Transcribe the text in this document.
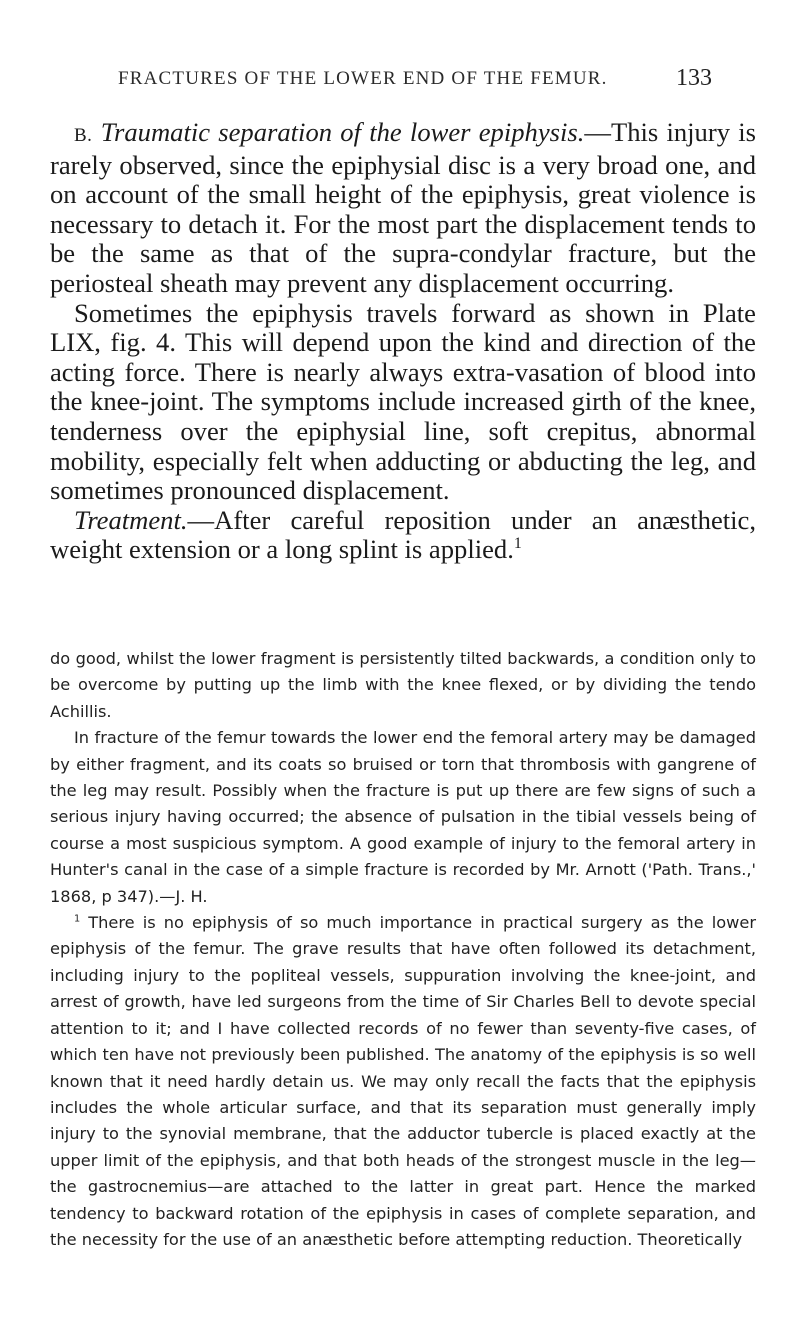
FRACTURES OF THE LOWER END OF THE FEMUR.	133

B. Traumatic separation of the lower epiphysis.—This injury is rarely observed, since the epiphysial disc is a very broad one, and on account of the small height of the epiphysis, great violence is necessary to detach it. For the most part the displacement tends to be the same as that of the supra-condylar fracture, but the periosteal sheath may prevent any displacement occurring.

Sometimes the epiphysis travels forward as shown in Plate LIX, fig. 4. This will depend upon the kind and direction of the acting force. There is nearly always extra-vasation of blood into the knee-joint. The symptoms include increased girth of the knee, tenderness over the epiphysial line, soft crepitus, abnormal mobility, especially felt when adducting or abducting the leg, and sometimes pronounced displacement.

Treatment.—After careful reposition under an anæsthetic, weight extension or a long splint is applied.$^1$

do good, whilst the lower fragment is persistently tilted backwards, a condition only to be overcome by putting up the limb with the knee flexed, or by dividing the tendo Achillis.

In fracture of the femur towards the lower end the femoral artery may be damaged by either fragment, and its coats so bruised or torn that thrombosis with gangrene of the leg may result. Possibly when the fracture is put up there are few signs of such a serious injury having occurred; the absence of pulsation in the tibial vessels being of course a most suspicious symptom. A good example of injury to the femoral artery in Hunter's canal in the case of a simple fracture is recorded by Mr. Arnott ('Path. Trans.,' 1868, p 347).—J. H.

$^1$ There is no epiphysis of so much importance in practical surgery as the lower epiphysis of the femur. The grave results that have often followed its detachment, including injury to the popliteal vessels, suppuration involving the knee-joint, and arrest of growth, have led surgeons from the time of Sir Charles Bell to devote special attention to it; and I have collected records of no fewer than seventy-five cases, of which ten have not previously been published. The anatomy of the epiphysis is so well known that it need hardly detain us. We may only recall the facts that the epiphysis includes the whole articular surface, and that its separation must generally imply injury to the synovial membrane, that the adductor tubercle is placed exactly at the upper limit of the epiphysis, and that both heads of the strongest muscle in the leg—the gastrocnemius—are attached to the latter in great part. Hence the marked tendency to backward rotation of the epiphysis in cases of complete separation, and the necessity for the use of an anæsthetic before attempting reduction. Theoretically
